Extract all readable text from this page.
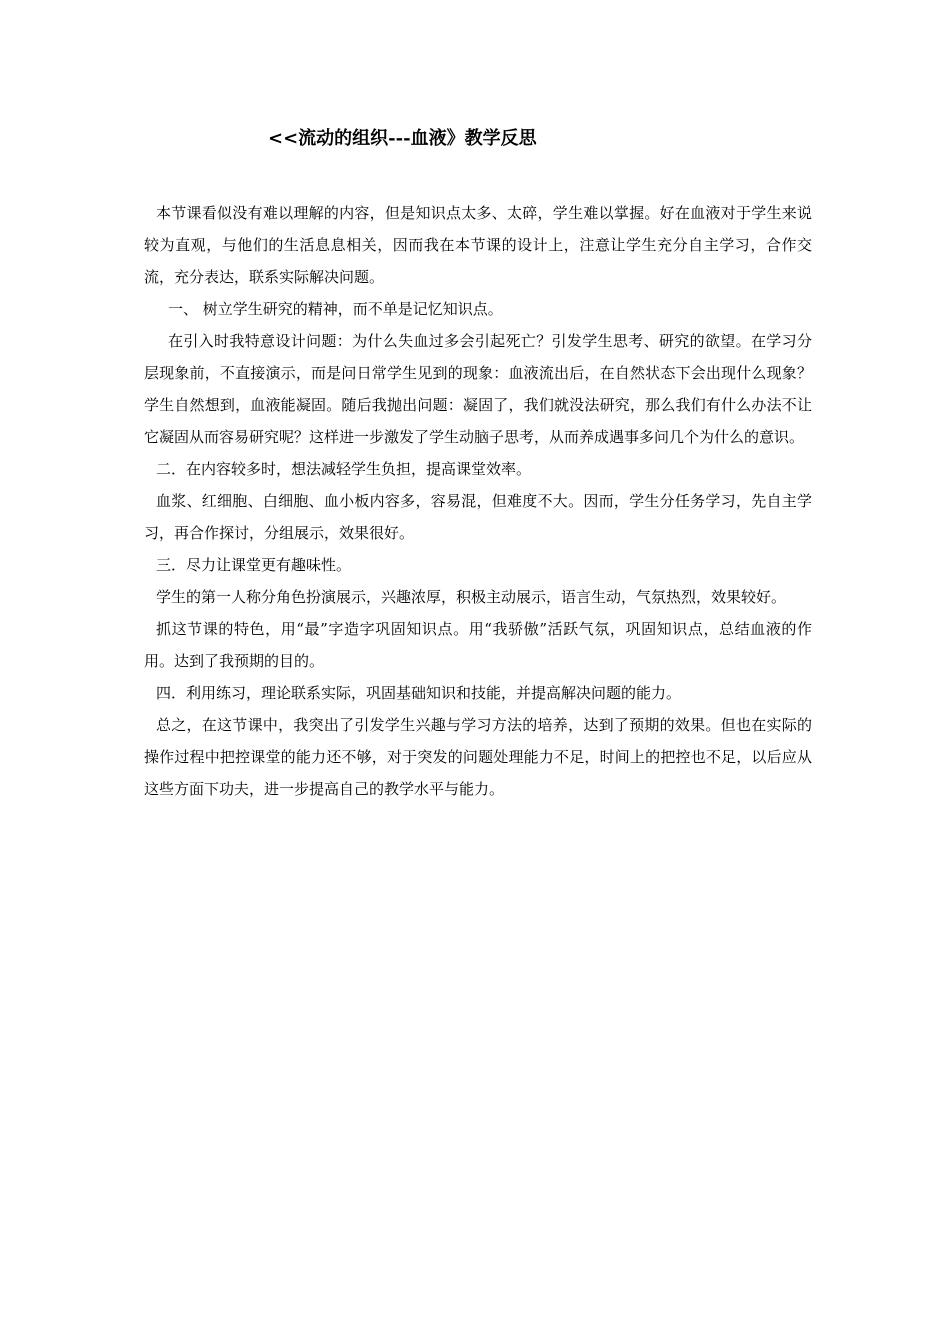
<<流动的组织---血液》教学反思

本节课看似没有难以理解的内容，但是知识点太多、太碎，学生难以掌握。好在血液对于学生来说较为直观，与他们的生活息息相关，因而我在本节课的设计上，注意让学生充分自主学习，合作交流，充分表达，联系实际解决问题。

一、 树立学生研究的精神，而不单是记忆知识点。

在引入时我特意设计问题：为什么失血过多会引起死亡？引发学生思考、研究的欲望。在学习分层现象前，不直接演示，而是问日常学生见到的现象：血液流出后，在自然状态下会出现什么现象？学生自然想到，血液能凝固。随后我抛出问题：凝固了，我们就没法研究，那么我们有什么办法不让它凝固从而容易研究呢？这样进一步激发了学生动脑子思考，从而养成遇事多问几个为什么的意识。

二．在内容较多时，想法减轻学生负担，提高课堂效率。

血浆、红细胞、白细胞、血小板内容多，容易混，但难度不大。因而，学生分任务学习，先自主学习，再合作探讨，分组展示，效果很好。

三．尽力让课堂更有趣味性。

学生的第一人称分角色扮演展示，兴趣浓厚，积极主动展示，语言生动，气氛热烈，效果较好。

抓这节课的特色，用“最”字造字巩固知识点。用“我骄傲”活跃气氛，巩固知识点，总结血液的作用。达到了我预期的目的。

四．利用练习，理论联系实际，巩固基础知识和技能，并提高解决问题的能力。

总之，在这节课中，我突出了引发学生兴趣与学习方法的培养，达到了预期的效果。但也在实际的操作过程中把控课堂的能力还不够，对于突发的问题处理能力不足，时间上的把控也不足，以后应从这些方面下功夫，进一步提高自己的教学水平与能力。
